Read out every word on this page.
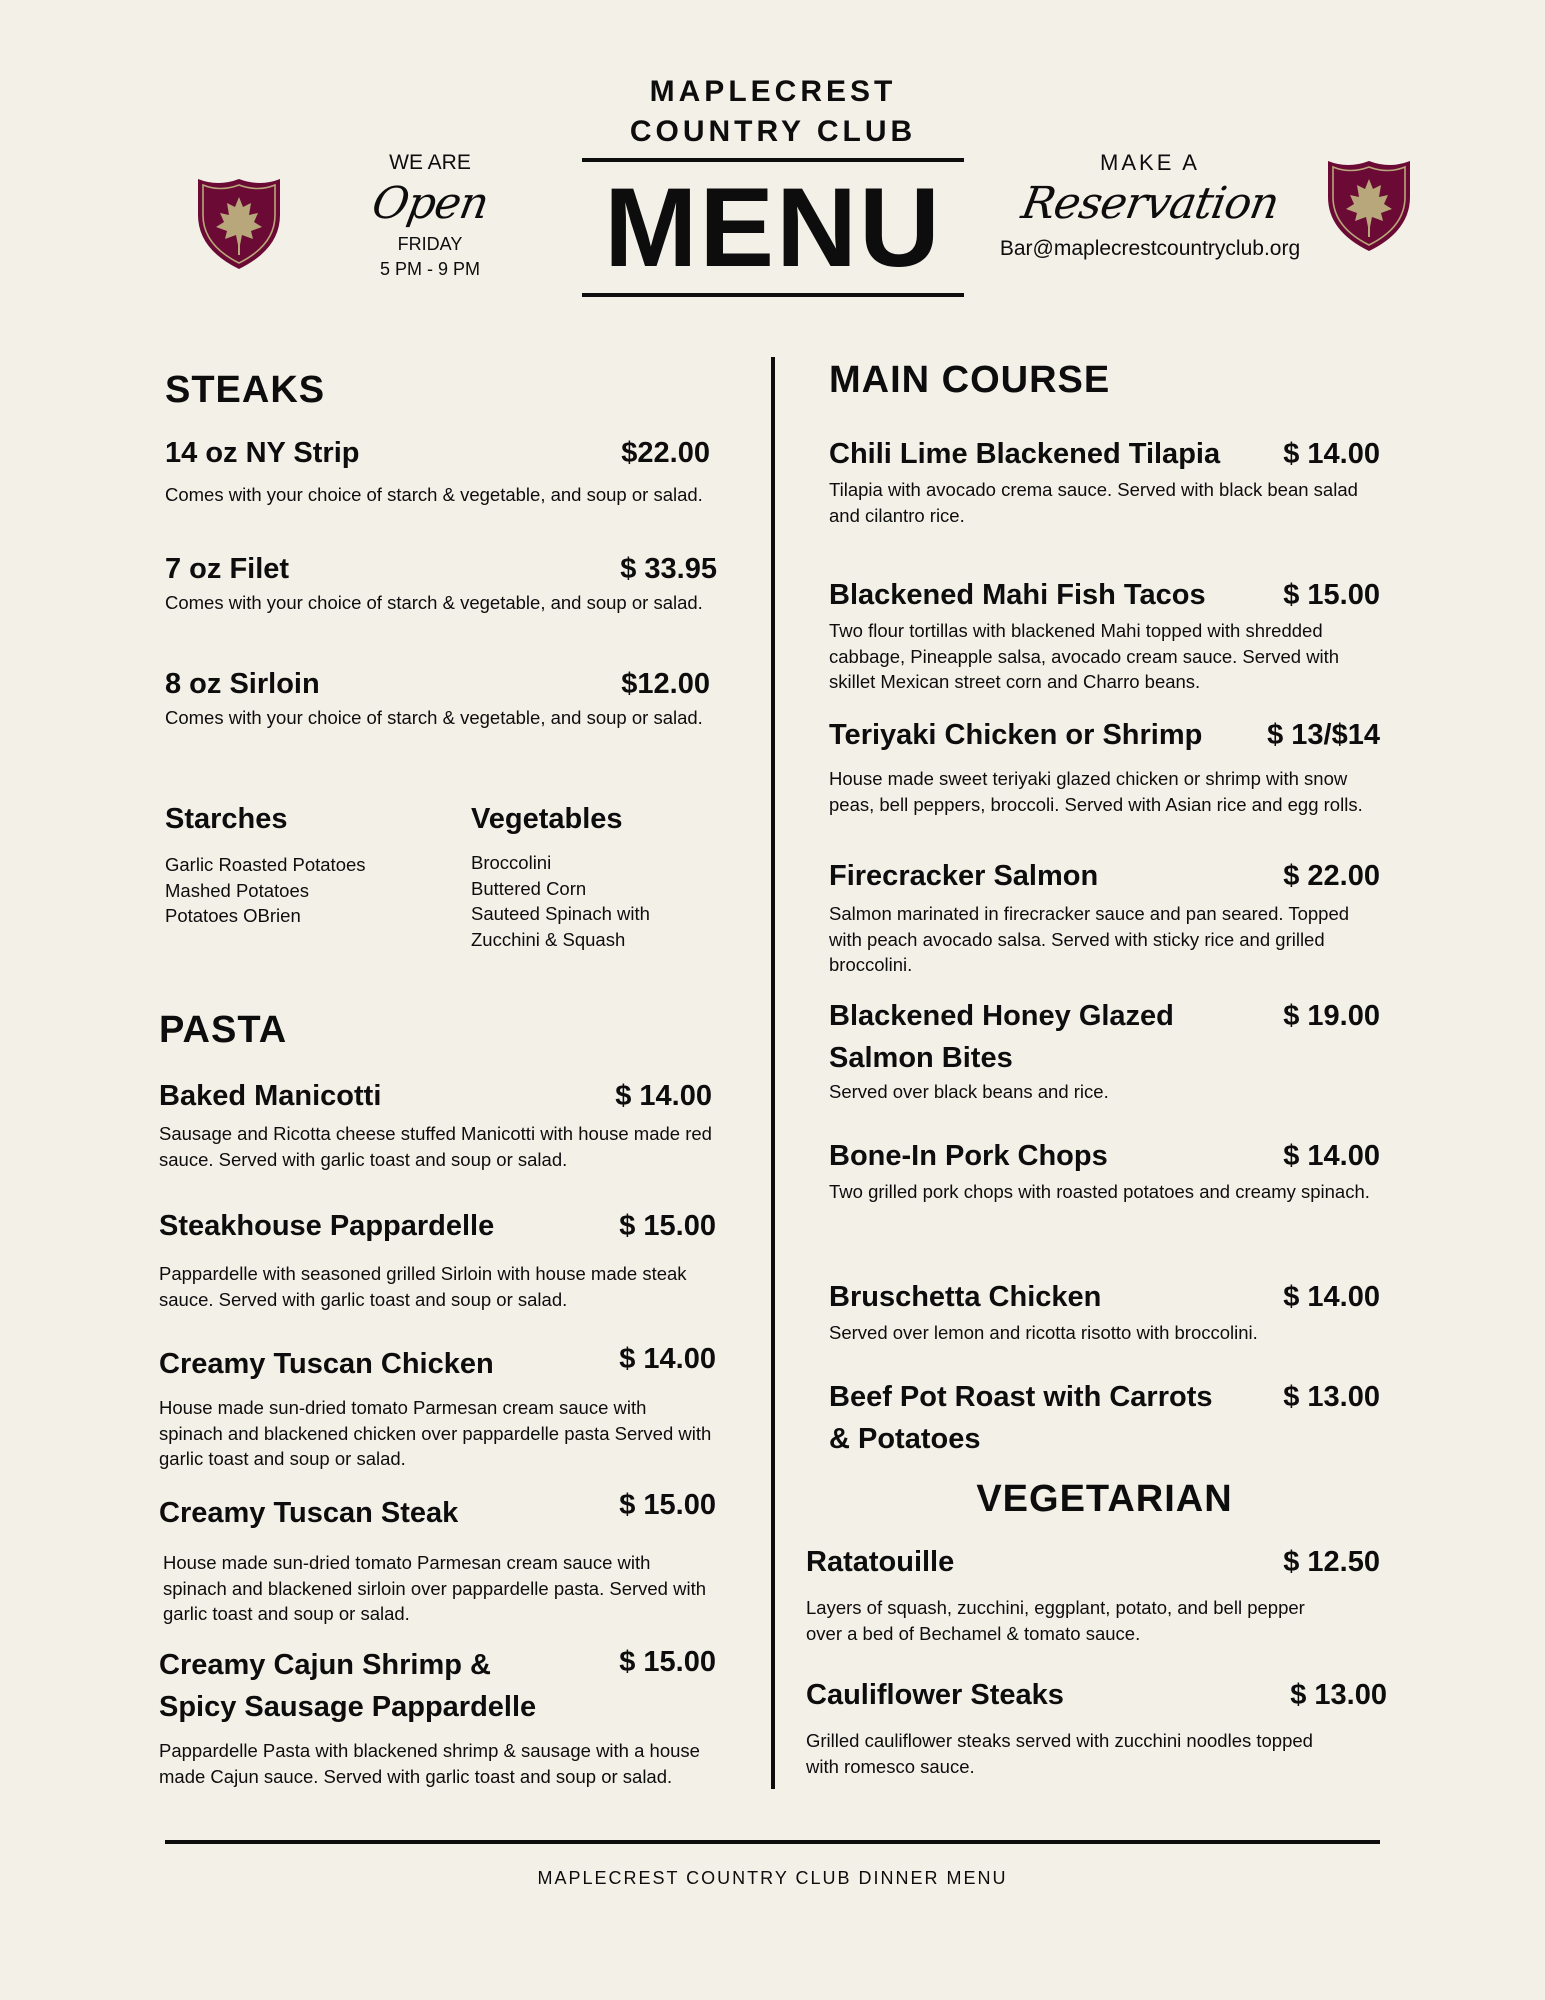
WE ARE
Open
FRIDAY
5 PM - 9 PM
MAPLECREST
COUNTRY CLUB
MENU
MAKE A
Reservation
Bar@maplecrestcountryclub.org
STEAKS
14 oz NY Strip	$22.00
Comes with your choice of starch & vegetable, and soup or salad.
7 oz Filet	$ 33.95
Comes with your choice of starch & vegetable, and soup or salad.
8 oz Sirloin	$12.00
Comes with your choice of starch & vegetable, and soup or salad.
Starches
Garlic Roasted Potatoes
Mashed Potatoes
Potatoes OBrien
Vegetables
Broccolini
Buttered Corn
Sauteed Spinach with
Zucchini & Squash
PASTA
Baked Manicotti	$ 14.00
Sausage and Ricotta cheese stuffed Manicotti with house made red sauce. Served with garlic toast and soup or salad.
Steakhouse Pappardelle	$ 15.00
Pappardelle with seasoned grilled Sirloin with house made steak sauce. Served with garlic toast and soup or salad.
Creamy Tuscan Chicken	$ 14.00
House made sun-dried tomato Parmesan cream sauce with spinach and blackened chicken over pappardelle pasta Served with garlic toast and soup or salad.
Creamy Tuscan Steak	$ 15.00
House made sun-dried tomato Parmesan cream sauce with spinach and blackened sirloin over pappardelle pasta. Served with garlic toast and soup or salad.
Creamy Cajun Shrimp & Spicy Sausage Pappardelle
$ 15.00
Pappardelle Pasta with blackened shrimp & sausage with a house made Cajun sauce. Served with garlic toast and soup or salad.
MAIN COURSE
Chili Lime Blackened Tilapia $ 14.00
Tilapia with avocado crema sauce. Served with black bean salad and cilantro rice.
Blackened Mahi Fish Tacos	$ 15.00
Two flour tortillas with blackened Mahi topped with shredded cabbage, Pineapple salsa, avocado cream sauce. Served with skillet Mexican street corn and Charro beans.
Teriyaki Chicken or Shrimp $ 13/$14
House made sweet teriyaki glazed chicken or shrimp with snow peas, bell peppers, broccoli. Served with Asian rice and egg rolls.
Firecracker Salmon	$ 22.00
Salmon marinated in firecracker sauce and pan seared. Topped with peach avocado salsa. Served with sticky rice and grilled broccolini.
Blackened Honey Glazed Salmon Bites
$ 19.00
Served over black beans and rice.
Bone-In Pork Chops	$ 14.00
Two grilled pork chops with roasted potatoes and creamy spinach.
Bruschetta Chicken	$ 14.00
Served over lemon and ricotta risotto with broccolini.
Beef Pot Roast with Carrots & Potatoes
$ 13.00
VEGETARIAN
Ratatouille	$ 12.50
Layers of squash, zucchini, eggplant, potato, and bell pepper over a bed of Bechamel & tomato sauce.
Cauliflower Steaks	$ 13.00
Grilled cauliflower steaks served with zucchini noodles topped with romesco sauce.
MAPLECREST COUNTRY CLUB DINNER MENU
